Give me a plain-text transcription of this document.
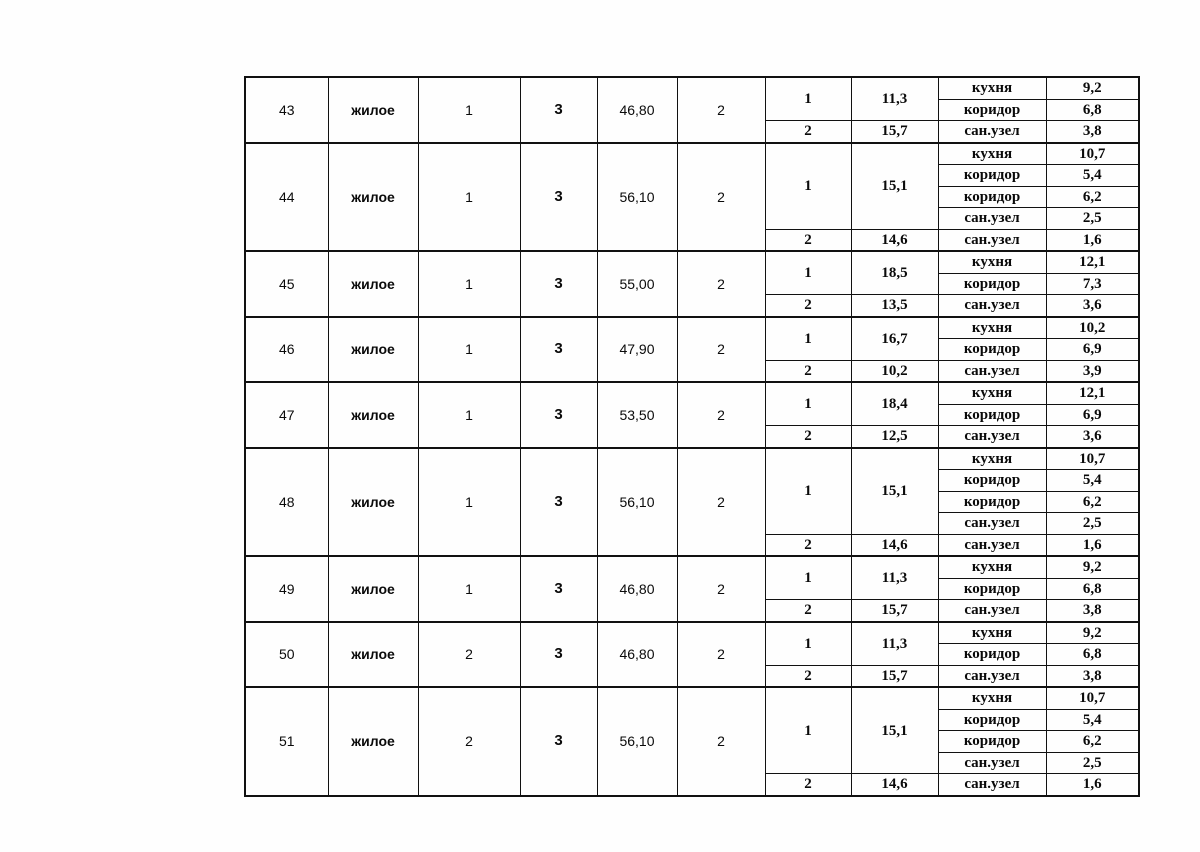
43	жилое	1	3	46,80	2	1	11,3	кухня	9,2
								коридор	6,8
						2	15,7	сан.узел	3,8
44	жилое	1	3	56,10	2	1	15,1	кухня	10,7
								коридор	5,4
								коридор	6,2
								сан.узел	2,5
						2	14,6	сан.узел	1,6
45	жилое	1	3	55,00	2	1	18,5	кухня	12,1
								коридор	7,3
						2	13,5	сан.узел	3,6
46	жилое	1	3	47,90	2	1	16,7	кухня	10,2
								коридор	6,9
						2	10,2	сан.узел	3,9
47	жилое	1	3	53,50	2	1	18,4	кухня	12,1
								коридор	6,9
						2	12,5	сан.узел	3,6
48	жилое	1	3	56,10	2	1	15,1	кухня	10,7
								коридор	5,4
								коридор	6,2
								сан.узел	2,5
						2	14,6	сан.узел	1,6
49	жилое	1	3	46,80	2	1	11,3	кухня	9,2
								коридор	6,8
						2	15,7	сан.узел	3,8
50	жилое	2	3	46,80	2	1	11,3	кухня	9,2
								коридор	6,8
						2	15,7	сан.узел	3,8
51	жилое	2	3	56,10	2	1	15,1	кухня	10,7
								коридор	5,4
								коридор	6,2
								сан.узел	2,5
						2	14,6	сан.узел	1,6
